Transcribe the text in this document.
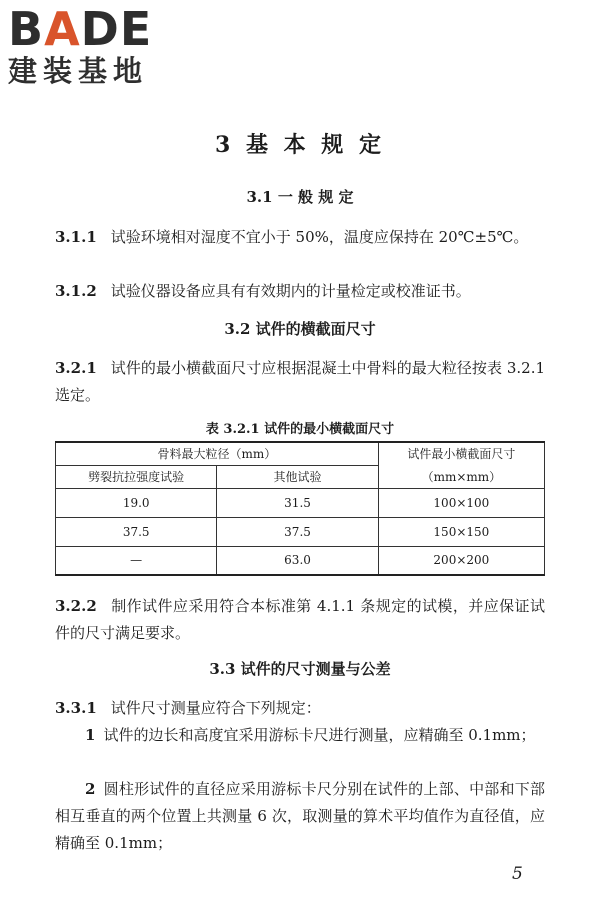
BADE
建装基地
3 基 本 规 定
3.1 一 般 规 定
3.1.1 试验环境相对湿度不宜小于 50%，温度应保持在 20℃±5℃。
3.1.2 试验仪器设备应具有有效期内的计量检定或校准证书。
3.2 试件的横截面尺寸
3.2.1 试件的最小横截面尺寸应根据混凝土中骨料的最大粒径按表 3.2.1 选定。
表 3.2.1 试件的最小横截面尺寸
骨料最大粒径（mm）		试件最小横截面尺寸
（mm×mm）

劈裂抗拉强度试验	其他试验	
19.0	31.5	100×100
37.5	37.5	150×150
—	63.0	200×200
3.2.2 制作试件应采用符合本标准第 4.1.1 条规定的试模，并应保证试件的尺寸满足要求。
3.3 试件的尺寸测量与公差
3.3.1 试件尺寸测量应符合下列规定：
1 试件的边长和高度宜采用游标卡尺进行测量，应精确至 0.1mm；
2 圆柱形试件的直径应采用游标卡尺分别在试件的上部、中部和下部相互垂直的两个位置上共测量 6 次，取测量的算术平均值作为直径值，应精确至 0.1mm；
5
